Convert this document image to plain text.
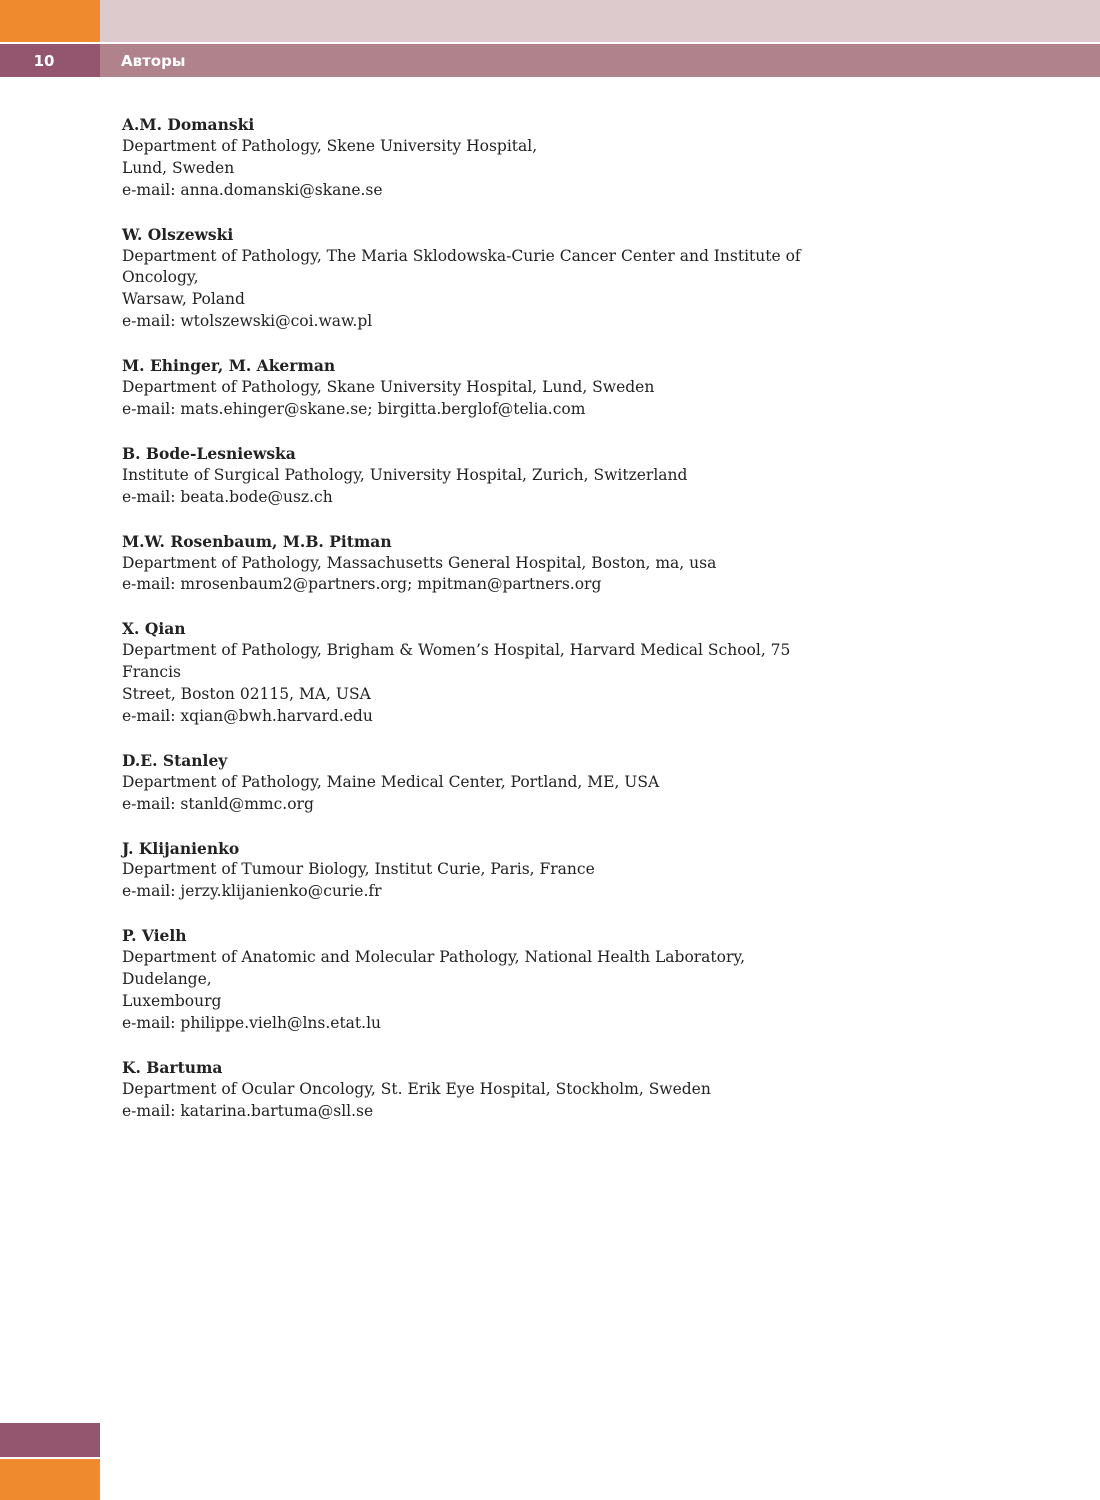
10	Авторы
A.M. Domanski
Department of Pathology, Skene University Hospital,
Lund, Sweden
e-mail: anna.domanski@skane.se
W. Olszewski
Department of Pathology, The Maria Sklodowska-Curie Cancer Center and Institute of Oncology,
Warsaw, Poland
e-mail: wtolszewski@coi.waw.pl
M. Ehinger, M. Akerman
Department of Pathology, Skane University Hospital, Lund, Sweden
e-mail: mats.ehinger@skane.se; birgitta.berglof@telia.com
B. Bode-Lesniewska
Institute of Surgical Pathology, University Hospital, Zurich, Switzerland
e-mail: beata.bode@usz.ch
M.W. Rosenbaum, M.B. Pitman
Department of Pathology, Massachusetts General Hospital, Boston, ma, usa
e-mail: mrosenbaum2@partners.org; mpitman@partners.org
X. Qian
Department of Pathology, Brigham & Women’s Hospital, Harvard Medical School, 75 Francis
Street, Boston 02115, MA, USA
e-mail: xqian@bwh.harvard.edu
D.E. Stanley
Department of Pathology, Maine Medical Center, Portland, ME, USA
e-mail: stanld@mmc.org
J. Klijanienko
Department of Tumour Biology, Institut Curie, Paris, France
e-mail: jerzy.klijanienko@curie.fr
P. Vielh
Department of Anatomic and Molecular Pathology, National Health Laboratory, Dudelange,
Luxembourg
e-mail: philippe.vielh@lns.etat.lu
K. Bartuma
Department of Ocular Oncology, St. Erik Eye Hospital, Stockholm, Sweden
e-mail: katarina.bartuma@sll.se
